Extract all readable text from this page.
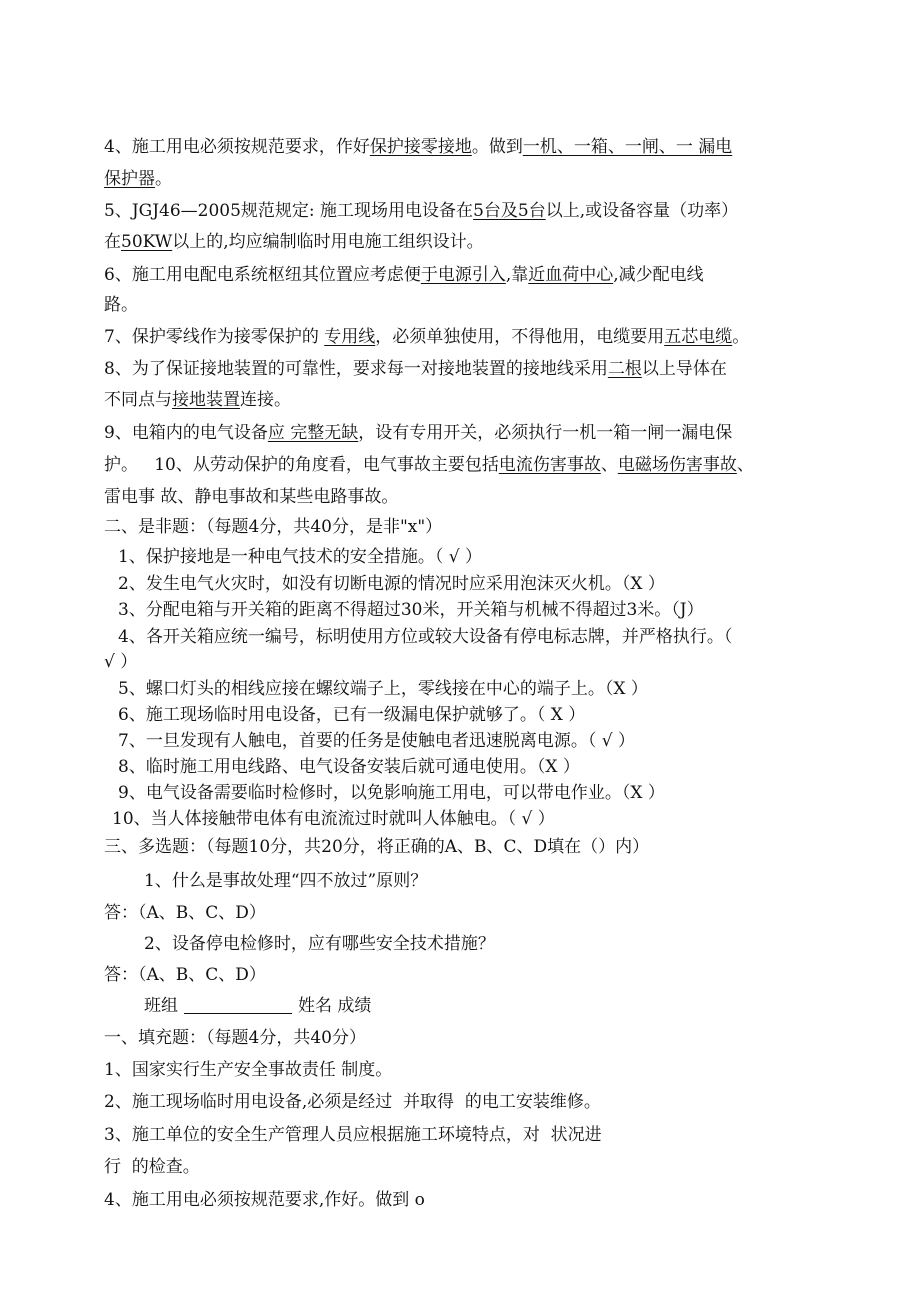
4、施工用电必须按规范要求，作好保护接零接地。做到一机、一箱、一闸、一 漏电
保护器。
5、JGJ46—2005规范规定: 施工现场用电设备在5台及5台以上,或设备容量（功率）
在50KW以上的,均应编制临时用电施工组织设计。
6、施工用电配电系统枢纽其位置应考虑便于电源引入,靠近血荷中心,减少配电线
路。
7、保护零线作为接零保护的 专用线，必须单独使用，不得他用，电缆要用五芯电缆。
8、为了保证接地装置的可靠性，要求每一对接地装置的接地线采用二根以上导体在
不同点与接地装置连接。
9、电箱内的电气设备应 完整无缺，设有专用开关，必须执行一机一箱一闸一漏电保
护。   10、从劳动保护的角度看，电气事故主要包括电流伤害事故、电磁场伤害事故、
雷电事 故、静电事故和某些电路事故。
二、是非题：（每题4分，共40分，是非"x"）
1、保护接地是一种电气技术的安全措施。（ √ ）
2、发生电气火灾时，如没有切断电源的情况时应采用泡沫灭火机。（X ）
3、分配电箱与开关箱的距离不得超过30米，开关箱与机械不得超过3米。（J）
4、各开关箱应统一编号，标明使用方位或较大设备有停电标志牌，并严格执行。（
√ ）
5、螺口灯头的相线应接在螺纹端子上，零线接在中心的端子上。（X ）
6、施工现场临时用电设备，已有一级漏电保护就够了。（ X ）
7、一旦发现有人触电，首要的任务是使触电者迅速脱离电源。（ √ ）
8、临时施工用电线路、电气设备安装后就可通电使用。（X ）
9、电气设备需要临时检修时，以免影响施工用电，可以带电作业。（X ）
10、当人体接触带电体有电流流过时就叫人体触电。（ √ ）
三、多选题：（每题10分，共20分，将正确的A、B、C、D填在（）内）
1、什么是事故处理“四不放过”原则？
答：（A、B、C、D）
2、设备停电检修时，应有哪些安全技术措施？
答：（A、B、C、D）
班组	姓名 成绩
一、填充题：（每题4分，共40分）
1、国家实行生产安全事故责任 制度。
2、施工现场临时用电设备,必须是经过  并取得  的电工安装维修。
3、施工单位的安全生产管理人员应根据施工环境特点，对  状况进
行  的检查。
4、施工用电必须按规范要求,作好。做到 o
